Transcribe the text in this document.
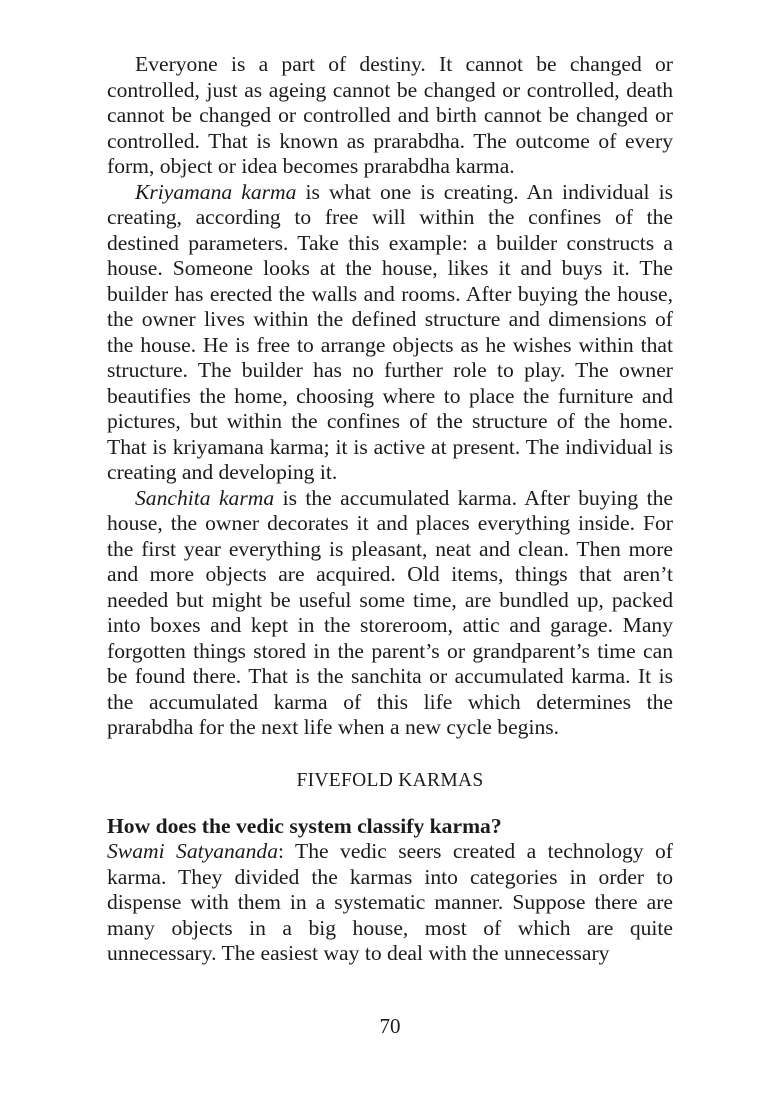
Everyone is a part of destiny. It cannot be changed or controlled, just as ageing cannot be changed or controlled, death cannot be changed or controlled and birth cannot be changed or controlled. That is known as prarabdha. The outcome of every form, object or idea becomes prarabdha karma.

Kriyamana karma is what one is creating. An individual is creating, according to free will within the confines of the destined parameters. Take this example: a builder constructs a house. Someone looks at the house, likes it and buys it. The builder has erected the walls and rooms. After buying the house, the owner lives within the defined structure and dimensions of the house. He is free to arrange objects as he wishes within that structure. The builder has no further role to play. The owner beautifies the home, choosing where to place the furniture and pictures, but within the confines of the structure of the home. That is kriyamana karma; it is active at present. The individual is creating and developing it.

Sanchita karma is the accumulated karma. After buying the house, the owner decorates it and places everything inside. For the first year everything is pleasant, neat and clean. Then more and more objects are acquired. Old items, things that aren’t needed but might be useful some time, are bundled up, packed into boxes and kept in the storeroom, attic and garage. Many forgotten things stored in the parent’s or grandparent’s time can be found there. That is the sanchita or accumulated karma. It is the accumulated karma of this life which determines the prarabdha for the next life when a new cycle begins.

FIVEFOLD KARMAS
How does the vedic system classify karma?

Swami Satyananda: The vedic seers created a technology of karma. They divided the karmas into categories in order to dispense with them in a systematic manner. Suppose there are many objects in a big house, most of which are quite unnecessary. The easiest way to deal with the unnecessary

70
